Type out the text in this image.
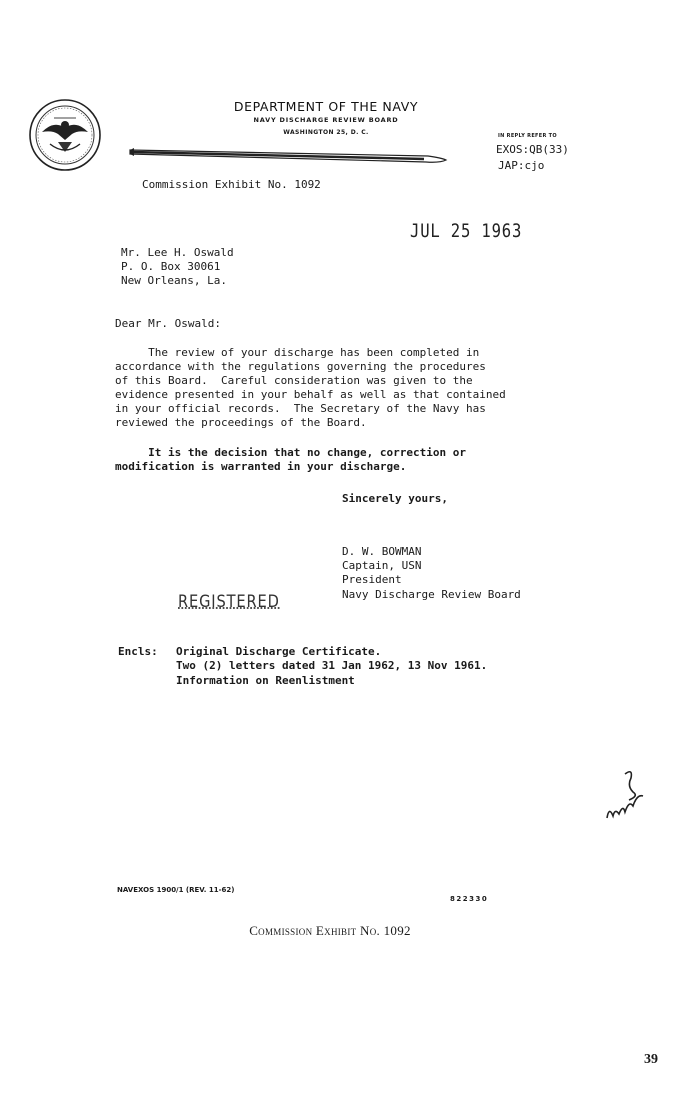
DEPARTMENT OF THE NAVY
NAVY DISCHARGE REVIEW BOARD
WASHINGTON 25, D. C.	IN REPLY REFER TO
EXOS:QB(33)
JAP:cjo
Commission Exhibit No. 1092
JUL 25 1963
Mr. Lee H. Oswald
P. O. Box 30061
New Orleans, La.
Dear Mr. Oswald:
The review of your discharge has been completed in
accordance with the regulations governing the procedures
of this Board.  Careful consideration was given to the
evidence presented in your behalf as well as that contained
in your official records.  The Secretary of the Navy has
reviewed the proceedings of the Board.
It is the decision that no change, correction or
modification is warranted in your discharge.
Sincerely yours,
D. W. BOWMAN
Captain, USN
President
Navy Discharge Review Board
REGISTERED
Encls: Original Discharge Certificate.
Two (2) letters dated 31 Jan 1962, 13 Nov 1961.
Information on Reenlistment
NAVEXOS 1900/1 (REV. 11-62)
822330
Commission Exhibit No. 1092
39
